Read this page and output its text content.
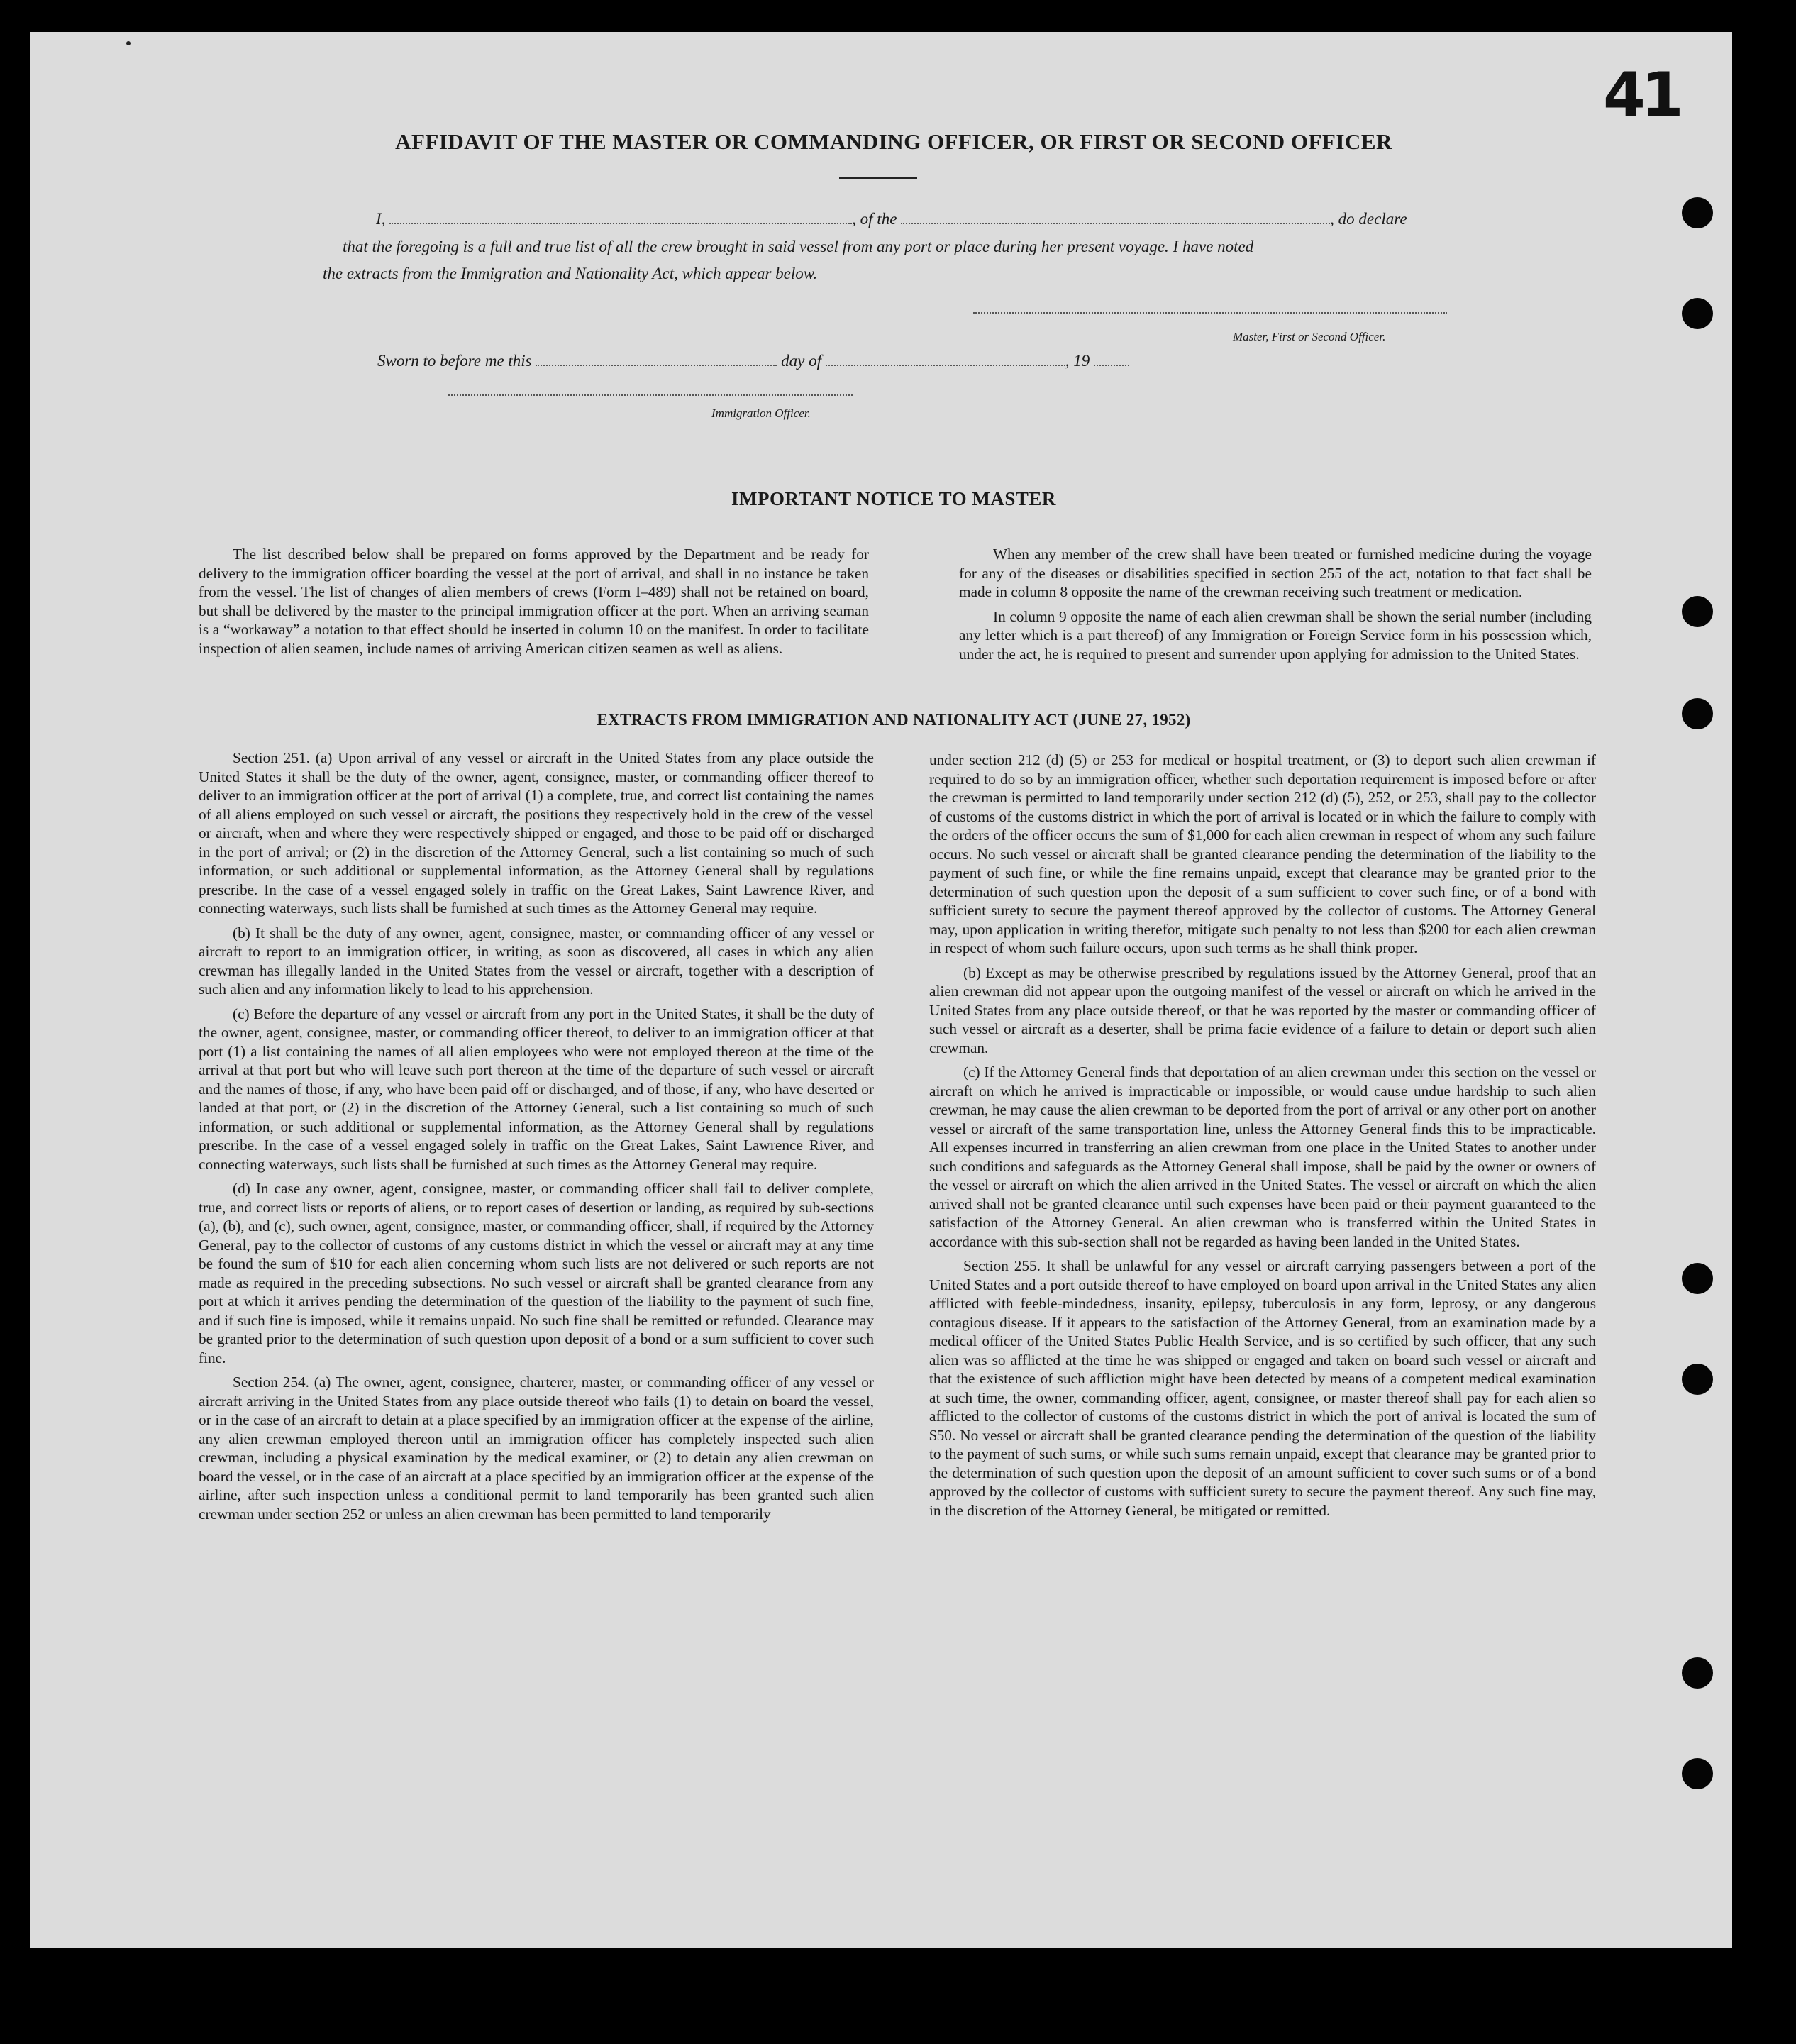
41
AFFIDAVIT OF THE MASTER OR COMMANDING OFFICER, OR FIRST OR SECOND OFFICER
I,	, of the	, do declare
that the foregoing is a full and true list of all the crew brought in said vessel from any port or place during her present voyage. I have noted
the extracts from the Immigration and Nationality Act, which appear below.
Master, First or Second Officer.
Sworn to before me this	day of	, 19
Immigration Officer.
IMPORTANT NOTICE TO MASTER

The list described below shall be prepared on forms approved by the Department and be ready for delivery to the immigration officer boarding the vessel at the port of arrival, and shall in no instance be taken from the vessel. The list of changes of alien members of crews (Form I–489) shall not be retained on board, but shall be delivered by the master to the principal immigration officer at the port. When an arriving seaman is a “workaway” a notation to that effect should be inserted in column 10 on the manifest. In order to facilitate inspection of alien seamen, include names of arriving American citizen seamen as well as aliens.

When any member of the crew shall have been treated or furnished medicine during the voyage for any of the diseases or disabilities specified in section 255 of the act, notation to that fact shall be made in column 8 opposite the name of the crewman receiving such treatment or medication.

In column 9 opposite the name of each alien crewman shall be shown the serial number (including any letter which is a part thereof) of any Immigration or Foreign Service form in his possession which, under the act, he is required to present and surrender upon applying for admission to the United States.

EXTRACTS FROM IMMIGRATION AND NATIONALITY ACT (JUNE 27, 1952)

Section 251. (a) Upon arrival of any vessel or aircraft in the United States from any place outside the United States it shall be the duty of the owner, agent, consignee, master, or commanding officer thereof to deliver to an immigration officer at the port of arrival (1) a complete, true, and correct list containing the names of all aliens employed on such vessel or aircraft, the positions they respectively hold in the crew of the vessel or aircraft, when and where they were respectively shipped or engaged, and those to be paid off or discharged in the port of arrival; or (2) in the discretion of the Attorney General, such a list containing so much of such information, or such additional or supplemental information, as the Attorney General shall by regulations prescribe. In the case of a vessel engaged solely in traffic on the Great Lakes, Saint Lawrence River, and connecting waterways, such lists shall be furnished at such times as the Attorney General may require.

(b) It shall be the duty of any owner, agent, consignee, master, or commanding officer of any vessel or aircraft to report to an immigration officer, in writing, as soon as discovered, all cases in which any alien crewman has illegally landed in the United States from the vessel or aircraft, together with a description of such alien and any information likely to lead to his apprehension.

(c) Before the departure of any vessel or aircraft from any port in the United States, it shall be the duty of the owner, agent, consignee, master, or commanding officer thereof, to deliver to an immigration officer at that port (1) a list containing the names of all alien employees who were not employed thereon at the time of the arrival at that port but who will leave such port thereon at the time of the departure of such vessel or aircraft and the names of those, if any, who have been paid off or discharged, and of those, if any, who have deserted or landed at that port, or (2) in the discretion of the Attorney General, such a list containing so much of such information, or such additional or supplemental information, as the Attorney General shall by regulations prescribe. In the case of a vessel engaged solely in traffic on the Great Lakes, Saint Lawrence River, and connecting waterways, such lists shall be furnished at such times as the Attorney General may require.

(d) In case any owner, agent, consignee, master, or commanding officer shall fail to deliver complete, true, and correct lists or reports of aliens, or to report cases of desertion or landing, as required by sub-sections (a), (b), and (c), such owner, agent, consignee, master, or commanding officer, shall, if required by the Attorney General, pay to the collector of customs of any customs district in which the vessel or aircraft may at any time be found the sum of $10 for each alien concerning whom such lists are not delivered or such reports are not made as required in the preceding subsections. No such vessel or aircraft shall be granted clearance from any port at which it arrives pending the determination of the question of the liability to the payment of such fine, and if such fine is imposed, while it remains unpaid. No such fine shall be remitted or refunded. Clearance may be granted prior to the determination of such question upon deposit of a bond or a sum sufficient to cover such fine.

Section 254. (a) The owner, agent, consignee, charterer, master, or commanding officer of any vessel or aircraft arriving in the United States from any place outside thereof who fails (1) to detain on board the vessel, or in the case of an aircraft to detain at a place specified by an immigration officer at the expense of the airline, any alien crewman employed thereon until an immigration officer has completely inspected such alien crewman, including a physical examination by the medical examiner, or (2) to detain any alien crewman on board the vessel, or in the case of an aircraft at a place specified by an immigration officer at the expense of the airline, after such inspection unless a conditional permit to land temporarily has been granted such alien crewman under section 252 or unless an alien crewman has been permitted to land temporarily

under section 212 (d) (5) or 253 for medical or hospital treatment, or (3) to deport such alien crewman if required to do so by an immigration officer, whether such deportation requirement is imposed before or after the crewman is permitted to land temporarily under section 212 (d) (5), 252, or 253, shall pay to the collector of customs of the customs district in which the port of arrival is located or in which the failure to comply with the orders of the officer occurs the sum of $1,000 for each alien crewman in respect of whom any such failure occurs. No such vessel or aircraft shall be granted clearance pending the determination of the liability to the payment of such fine, or while the fine remains unpaid, except that clearance may be granted prior to the determination of such question upon the deposit of a sum sufficient to cover such fine, or of a bond with sufficient surety to secure the payment thereof approved by the collector of customs. The Attorney General may, upon application in writing therefor, mitigate such penalty to not less than $200 for each alien crewman in respect of whom such failure occurs, upon such terms as he shall think proper.

(b) Except as may be otherwise prescribed by regulations issued by the Attorney General, proof that an alien crewman did not appear upon the outgoing manifest of the vessel or aircraft on which he arrived in the United States from any place outside thereof, or that he was reported by the master or commanding officer of such vessel or aircraft as a deserter, shall be prima facie evidence of a failure to detain or deport such alien crewman.

(c) If the Attorney General finds that deportation of an alien crewman under this section on the vessel or aircraft on which he arrived is impracticable or impossible, or would cause undue hardship to such alien crewman, he may cause the alien crewman to be deported from the port of arrival or any other port on another vessel or aircraft of the same transportation line, unless the Attorney General finds this to be impracticable. All expenses incurred in transferring an alien crewman from one place in the United States to another under such conditions and safeguards as the Attorney General shall impose, shall be paid by the owner or owners of the vessel or aircraft on which the alien arrived in the United States. The vessel or aircraft on which the alien arrived shall not be granted clearance until such expenses have been paid or their payment guaranteed to the satisfaction of the Attorney General. An alien crewman who is transferred within the United States in accordance with this sub-section shall not be regarded as having been landed in the United States.

Section 255. It shall be unlawful for any vessel or aircraft carrying passengers between a port of the United States and a port outside thereof to have employed on board upon arrival in the United States any alien afflicted with feeble-mindedness, insanity, epilepsy, tuberculosis in any form, leprosy, or any dangerous contagious disease. If it appears to the satisfaction of the Attorney General, from an examination made by a medical officer of the United States Public Health Service, and is so certified by such officer, that any such alien was so afflicted at the time he was shipped or engaged and taken on board such vessel or aircraft and that the existence of such affliction might have been detected by means of a competent medical examination at such time, the owner, commanding officer, agent, consignee, or master thereof shall pay for each alien so afflicted to the collector of customs of the customs district in which the port of arrival is located the sum of $50. No vessel or aircraft shall be granted clearance pending the determination of the question of the liability to the payment of such sums, or while such sums remain unpaid, except that clearance may be granted prior to the determination of such question upon the deposit of an amount sufficient to cover such sums or of a bond approved by the collector of customs with sufficient surety to secure the payment thereof. Any such fine may, in the discretion of the Attorney General, be mitigated or remitted.
